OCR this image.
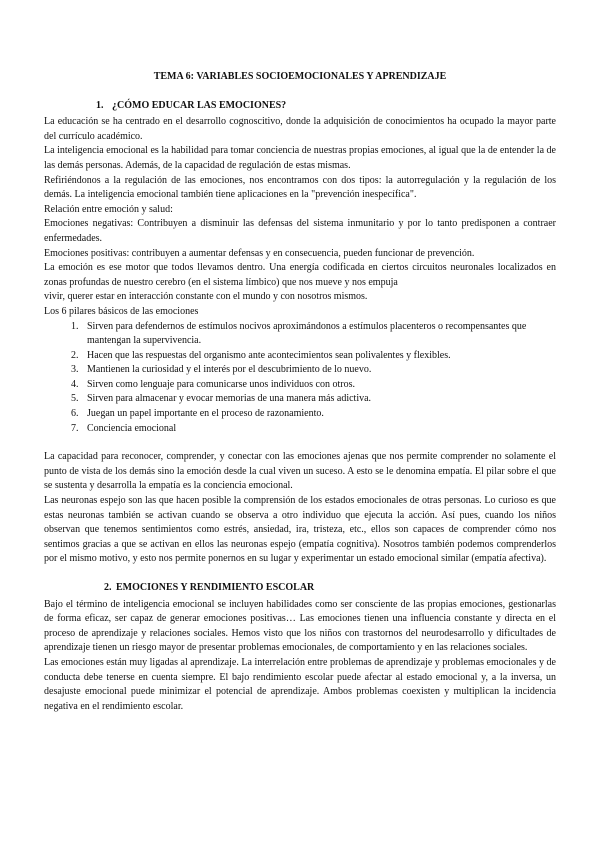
TEMA 6: VARIABLES SOCIOEMOCIONALES Y APRENDIZAJE
1. ¿CÓMO EDUCAR LAS EMOCIONES?

La educación se ha centrado en el desarrollo cognoscitivo, donde la adquisición de conocimientos ha ocupado la mayor parte del currículo académico.

La inteligencia emocional es la habilidad para tomar conciencia de nuestras propias emociones, al igual que la de entender la de las demás personas. Además, de la capacidad de regulación de estas mismas.

Refiriéndonos a la regulación de las emociones, nos encontramos con dos tipos: la autorregulación y la regulación de los demás. La inteligencia emocional también tiene aplicaciones en la "prevención inespecífica".

Relación entre emoción y salud:

Emociones negativas: Contribuyen a disminuir las defensas del sistema inmunitario y por lo tanto predisponen a contraer enfermedades.

Emociones positivas: contribuyen a aumentar defensas y en consecuencia, pueden funcionar de prevención.

La emoción es ese motor que todos llevamos dentro. Una energía codificada en ciertos circuitos neuronales localizados en zonas profundas de nuestro cerebro (en el sistema límbico) que nos mueve y nos empuja

vivir, querer estar en interacción constante con el mundo y con nosotros mismos.

Los 6 pilares básicos de las emociones

1. Sirven para defendernos de estímulos nocivos aproximándonos a estímulos placenteros o recompensantes que mantengan la supervivencia.
2. Hacen que las respuestas del organismo ante acontecimientos sean polivalentes y flexibles.
3. Mantienen la curiosidad y el interés por el descubrimiento de lo nuevo.
4. Sirven como lenguaje para comunicarse unos individuos con otros.
5. Sirven para almacenar y evocar memorias de una manera más adictiva.
6. Juegan un papel importante en el proceso de razonamiento.
7. Conciencia emocional

La capacidad para reconocer, comprender, y conectar con las emociones ajenas que nos permite comprender no solamente el punto de vista de los demás sino la emoción desde la cual viven un suceso. A esto se le denomina empatía. El pilar sobre el que se sustenta y desarrolla la empatía es la conciencia emocional.

Las neuronas espejo son las que hacen posible la comprensión de los estados emocionales de otras personas. Lo curioso es que estas neuronas también se activan cuando se observa a otro individuo que ejecuta la acción. Así pues, cuando los niños observan que tenemos sentimientos como estrés, ansiedad, ira, tristeza, etc., ellos son capaces de comprender cómo nos sentimos gracias a que se activan en ellos las neuronas espejo (empatía cognitiva). Nosotros también podemos comprenderlos por el mismo motivo, y esto nos permite ponernos en su lugar y experimentar un estado emocional similar (empatía afectiva).

2. EMOCIONES Y RENDIMIENTO ESCOLAR

Bajo el término de inteligencia emocional se incluyen habilidades como ser consciente de las propias emociones, gestionarlas de forma eficaz, ser capaz de generar emociones positivas… Las emociones tienen una influencia constante y directa en el proceso de aprendizaje y relaciones sociales. Hemos visto que los niños con trastornos del neurodesarrollo y dificultades de aprendizaje tienen un riesgo mayor de presentar problemas emocionales, de comportamiento y en las relaciones sociales.

Las emociones están muy ligadas al aprendizaje. La interrelación entre problemas de aprendizaje y problemas emocionales y de conducta debe tenerse en cuenta siempre. El bajo rendimiento escolar puede afectar al estado emocional y, a la inversa, un desajuste emocional puede minimizar el potencial de aprendizaje. Ambos problemas coexisten y multiplican la incidencia negativa en el rendimiento escolar.
